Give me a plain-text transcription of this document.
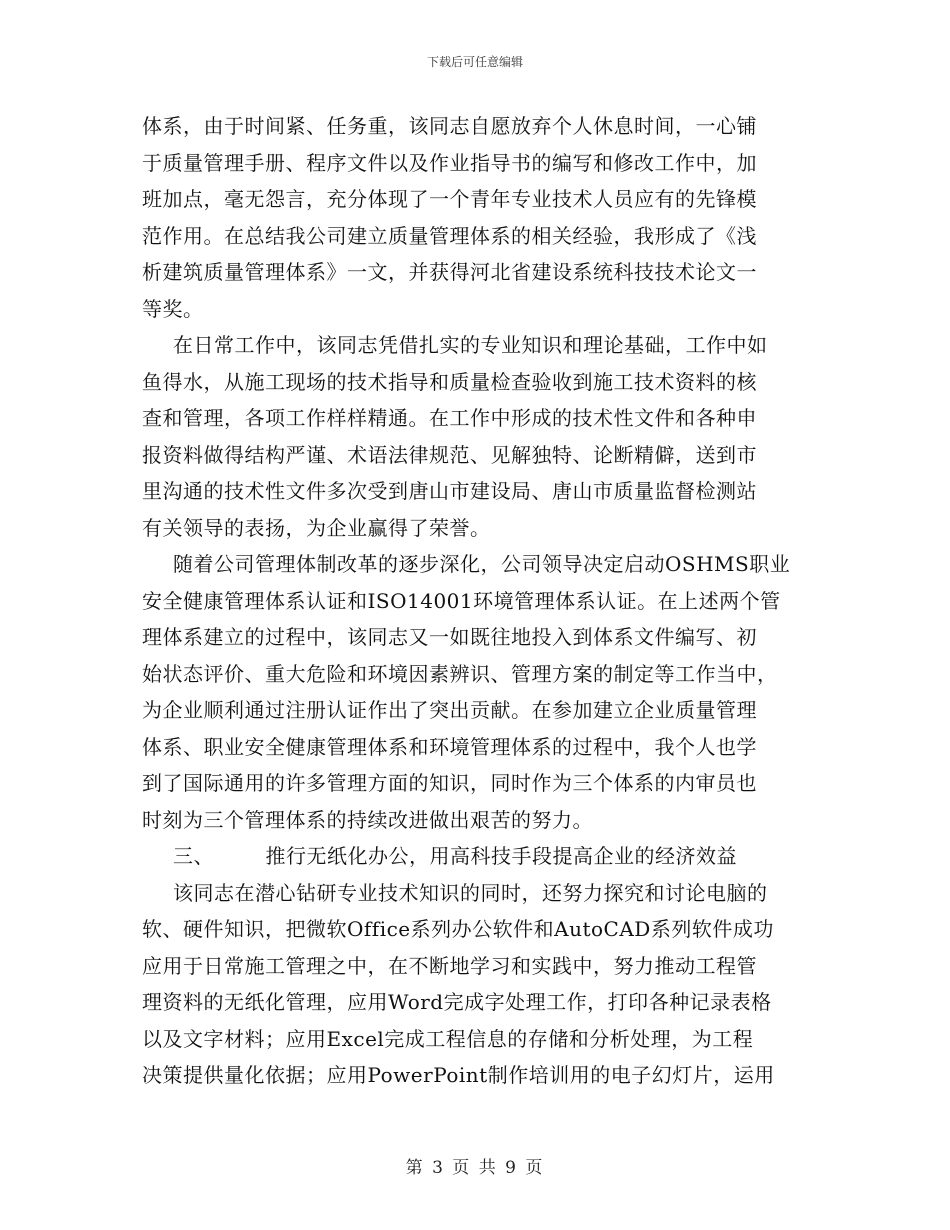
下载后可任意编辑
体系，由于时间紧、任务重，该同志自愿放弃个人休息时间，一心铺
于质量管理手册、程序文件以及作业指导书的编写和修改工作中，加
班加点，毫无怨言，充分体现了一个青年专业技术人员应有的先锋模
范作用。在总结我公司建立质量管理体系的相关经验，我形成了《浅
析建筑质量管理体系》一文，并获得河北省建设系统科技技术论文一
等奖。
在日常工作中，该同志凭借扎实的专业知识和理论基础，工作中如
鱼得水，从施工现场的技术指导和质量检查验收到施工技术资料的核
查和管理，各项工作样样精通。在工作中形成的技术性文件和各种申
报资料做得结构严谨、术语法律规范、见解独特、论断精僻，送到市
里沟通的技术性文件多次受到唐山市建设局、唐山市质量监督检测站
有关领导的表扬，为企业赢得了荣誉。
随着公司管理体制改革的逐步深化，公司领导决定启动OSHMS职业
安全健康管理体系认证和ISO14001环境管理体系认证。在上述两个管
理体系建立的过程中，该同志又一如既往地投入到体系文件编写、初
始状态评价、重大危险和环境因素辨识、管理方案的制定等工作当中，
为企业顺利通过注册认证作出了突出贡献。在参加建立企业质量管理
体系、职业安全健康管理体系和环境管理体系的过程中，我个人也学
到了国际通用的许多管理方面的知识，同时作为三个体系的内审员也
时刻为三个管理体系的持续改进做出艰苦的努力。
三、　　　推行无纸化办公，用高科技手段提高企业的经济效益
该同志在潜心钻研专业技术知识的同时，还努力探究和讨论电脑的
软、硬件知识，把微软Office系列办公软件和AutoCAD系列软件成功
应用于日常施工管理之中，在不断地学习和实践中，努力推动工程管
理资料的无纸化管理，应用Word完成字处理工作，打印各种记录表格
以及文字材料；应用Excel完成工程信息的存储和分析处理，为工程
决策提供量化依据；应用PowerPoint制作培训用的电子幻灯片，运用
第 3 页 共 9 页
